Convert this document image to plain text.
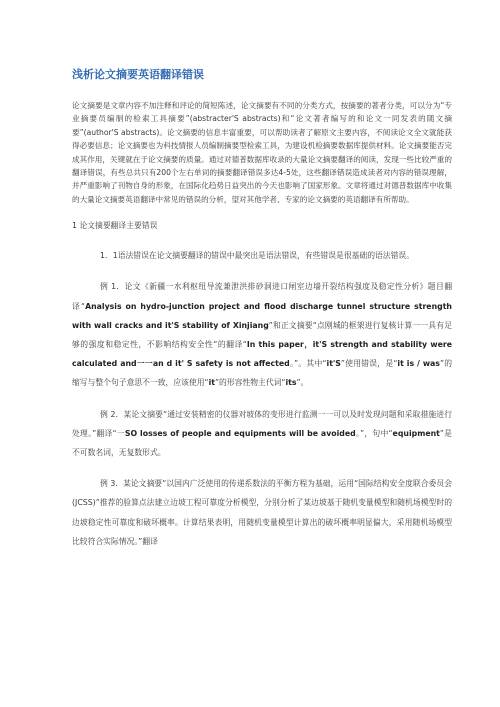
浅析论文摘要英语翻译错误
论文摘要是文章内容不加注释和评论的简短陈述，论文摘要有不同的分类方式，按摘要的著者分类，可以分为“专业摘要员编制的检索工具摘要”(abstracter'S abstracts)和“论文著者编写的和论文一同发表的随文摘要”(author'S abstracts)。论文摘要的信息丰富重要，可以帮助读者了解原文主要内容，不阅读论文全文就能获得必要信息；论文摘要也为科技情报人员编制摘要型检索工具，为建设机检摘要数据库提供材料。论文摘要能否完成其作用，关键就在于论文摘要的质量。通过对德普数据库收录的大量论文摘要翻译的阅读，发现一些比较严重的翻译错误，有些总共只有200个左右单词的摘要翻译错误多达4-5处，这些翻译错误造成读者对内容的错误理解，并严重影响了刊物自身的形象，在国际化趋势日益突出的今天也影响了国家形象。文章将通过对德普数据库中收集的大量论文摘要英语翻译中常见的错误的分析，望对其他学者、专家的论文摘要的英语翻译有所帮助。
1 论文摘要翻译主要错误
1．1语法错误在论文摘要翻译的错误中最突出是语法错误，有些错误是很基础的语法错误。
例 1．论文《新疆一水利枢纽导流兼泄洪排砂洞进口闸室边墙开裂结构强度及稳定性分析》题目翻译“Analysis on hydro-junction project and flood discharge tunnel structure strength with wall cracks and it'S stability of Xinjiang”和正文摘要“点刚城的框架进行复核计算一一具有足够的强度和稳定性，不影响结构安全性”的翻译“In this paper，it'S strength and stability were calculated and一一an d it' S safety is not affected。”。其中“it'S”使用错误，是“it is / was”的缩写与整个句子意思不一致，应该使用“it”的形容性物主代词“its”。
例 2．某论文摘要“通过安装精密的仪器对坡体的变形进行监测一一可以及时发现问题和采取措施进行处理。”翻译“一SO losses of people and equipments will be avoided。”，句中“equipment”是不可数名词，无复数形式。
例 3．某论文摘要“以国内广泛使用的传递系数法的平衡方程为基础，运用“国际结构安全度联合委员会(JCSS)”推荐的验算点法建立边坡工程可靠度分析模型，分别分析了某边坡基于随机变量模型和随机场模型时的边坡稳定性可靠度和破坏概率。计算结果表明，用随机变量模型计算出的破坏概率明显偏大，采用随机场模型比较符合实际情况。”翻译
